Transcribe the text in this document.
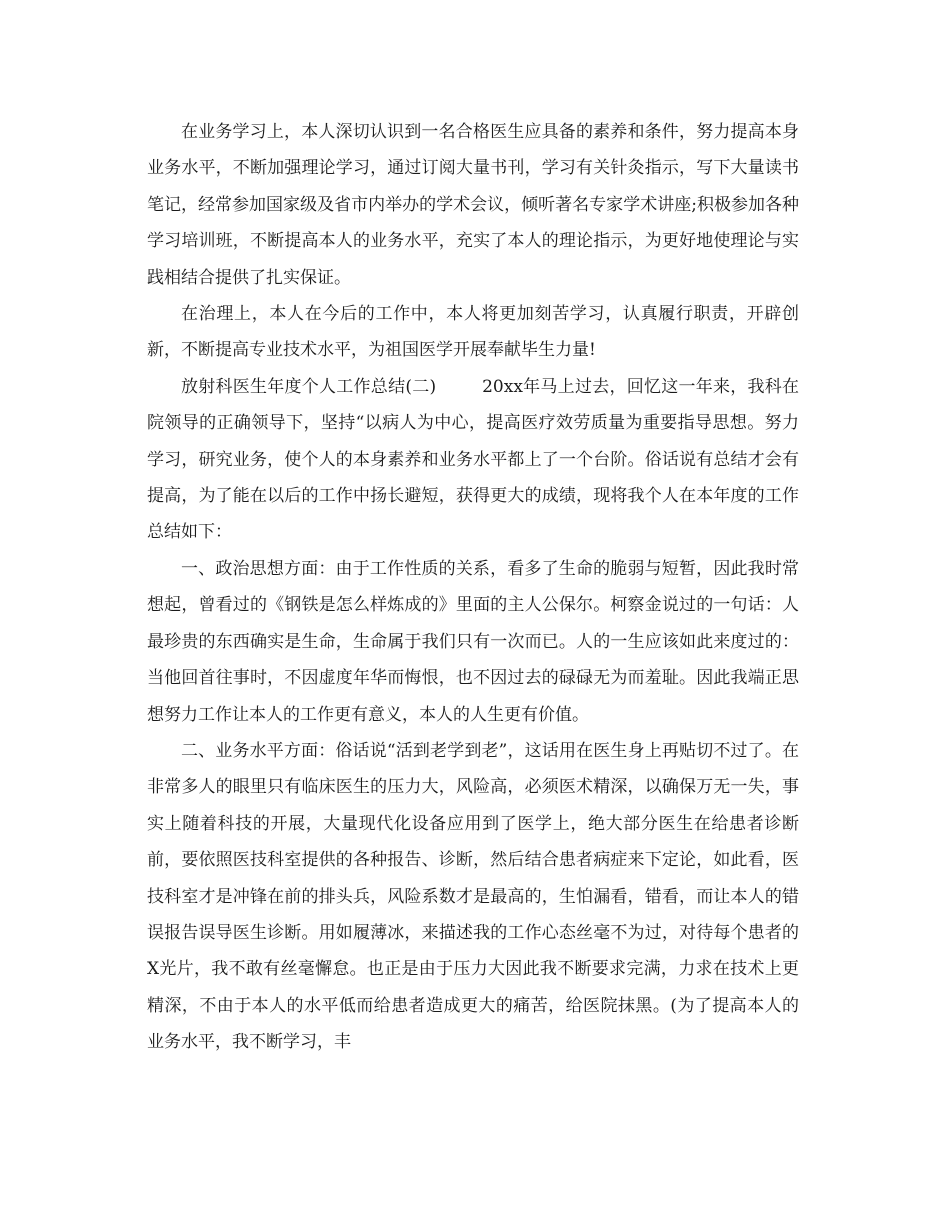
在业务学习上，本人深切认识到一名合格医生应具备的素养和条件，努力提高本身业务水平，不断加强理论学习，通过订阅大量书刊，学习有关针灸指示，写下大量读书笔记，经常参加国家级及省市内举办的学术会议，倾听著名专家学术讲座;积极参加各种学习培训班，不断提高本人的业务水平，充实了本人的理论指示，为更好地使理论与实践相结合提供了扎实保证。

在治理上，本人在今后的工作中，本人将更加刻苦学习，认真履行职责，开辟创新，不断提高专业技术水平，为祖国医学开展奉献毕生力量!

放射科医生年度个人工作总结(二)	20xx年马上过去，回忆这一年来，我科在院领导的正确领导下，坚持“以病人为中心，提高医疗效劳质量为重要指导思想。努力学习，研究业务，使个人的本身素养和业务水平都上了一个台阶。俗话说有总结才会有提高，为了能在以后的工作中扬长避短，获得更大的成绩，现将我个人在本年度的工作总结如下：

一、政治思想方面：由于工作性质的关系，看多了生命的脆弱与短暂，因此我时常想起，曾看过的《钢铁是怎么样炼成的》里面的主人公保尔。柯察金说过的一句话：人最珍贵的东西确实是生命，生命属于我们只有一次而已。人的一生应该如此来度过的：当他回首往事时，不因虚度年华而悔恨，也不因过去的碌碌无为而羞耻。因此我端正思想努力工作让本人的工作更有意义，本人的人生更有价值。

二、业务水平方面：俗话说“活到老学到老”，这话用在医生身上再贴切不过了。在非常多人的眼里只有临床医生的压力大，风险高，必须医术精深，以确保万无一失，事实上随着科技的开展，大量现代化设备应用到了医学上，绝大部分医生在给患者诊断前，要依照医技科室提供的各种报告、诊断，然后结合患者病症来下定论，如此看，医技科室才是冲锋在前的排头兵，风险系数才是最高的，生怕漏看，错看，而让本人的错误报告误导医生诊断。用如履薄冰，来描述我的工作心态丝毫不为过，对待每个患者的X光片，我不敢有丝毫懈怠。也正是由于压力大因此我不断要求完满，力求在技术上更精深，不由于本人的水平低而给患者造成更大的痛苦，给医院抹黑。(为了提高本人的业务水平，我不断学习，丰
